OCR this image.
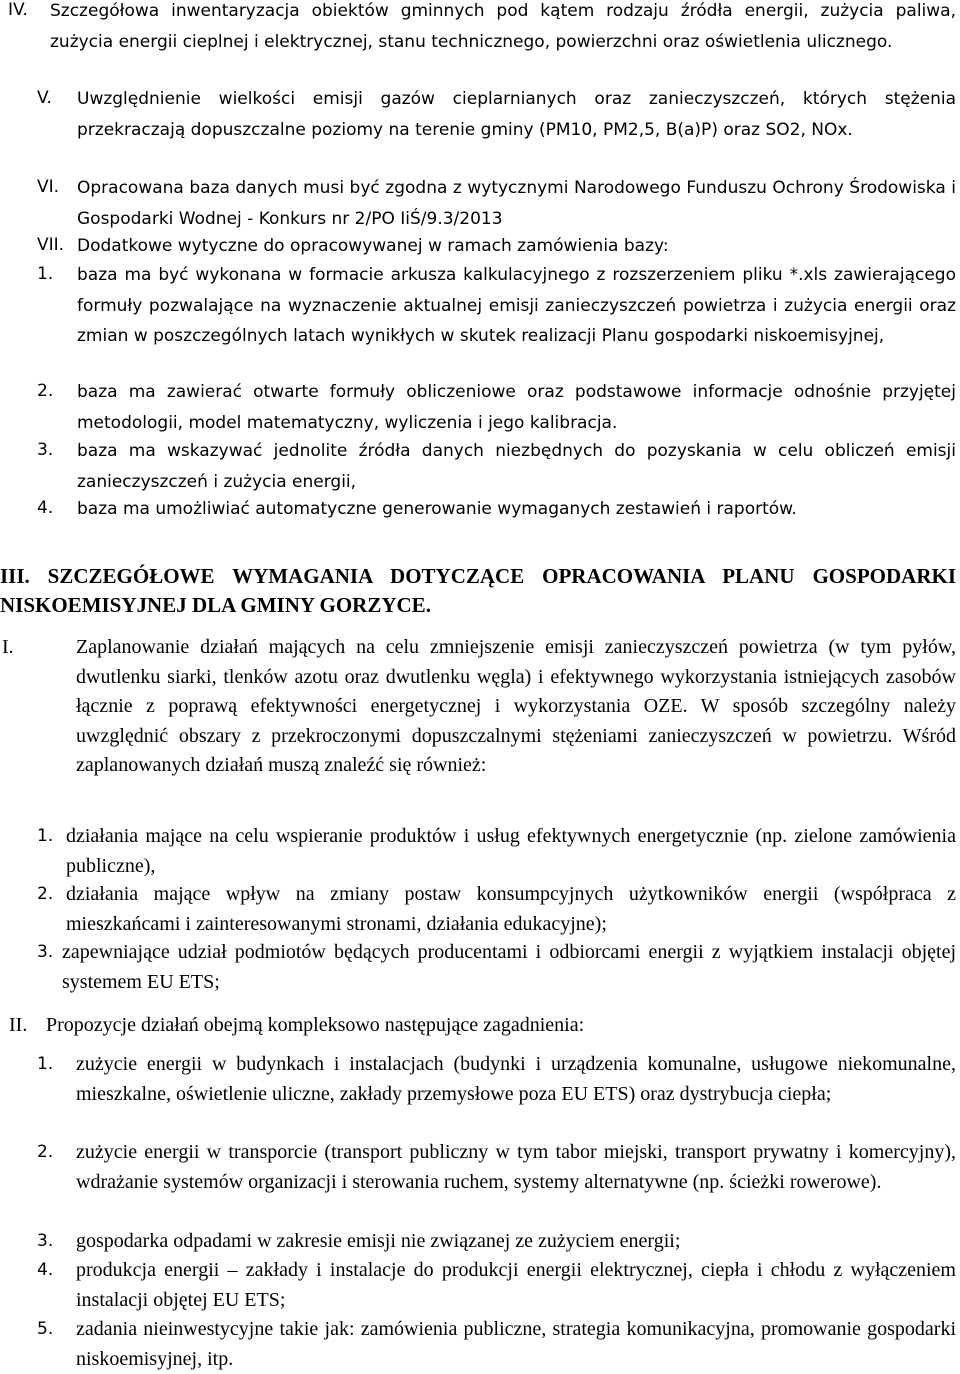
IV. Szczegółowa inwentaryzacja obiektów gminnych pod kątem rodzaju źródła energii, zużycia paliwa, zużycia energii cieplnej i elektrycznej, stanu technicznego, powierzchni oraz oświetlenia ulicznego.
V. Uwzględnienie wielkości emisji gazów cieplarnianych oraz zanieczyszczeń, których stężenia przekraczają dopuszczalne poziomy na terenie gminy (PM10, PM2,5, B(a)P) oraz SO2, NOx.
VI. Opracowana baza danych musi być zgodna z wytycznymi Narodowego Funduszu Ochrony Środowiska i Gospodarki Wodnej - Konkurs nr 2/PO IiŚ/9.3/2013
VII. Dodatkowe wytyczne do opracowywanej w ramach zamówienia bazy:
1. baza ma być wykonana w formacie arkusza kalkulacyjnego z rozszerzeniem pliku *.xls zawierającego formuły pozwalające na wyznaczenie aktualnej emisji zanieczyszczeń powietrza i zużycia energii oraz zmian w poszczególnych latach wynikłych w skutek realizacji Planu gospodarki niskoemisyjnej,
2. baza ma zawierać otwarte formuły obliczeniowe oraz podstawowe informacje odnośnie przyjętej metodologii, model matematyczny, wyliczenia i jego kalibracja.
3. baza ma wskazywać jednolite źródła danych niezbędnych do pozyskania w celu obliczeń emisji zanieczyszczeń i zużycia energii,
4. baza ma umożliwiać automatyczne generowanie wymaganych zestawień i raportów.
III. SZCZEGÓŁOWE WYMAGANIA DOTYCZĄCE OPRACOWANIA PLANU GOSPODARKI NISKOEMISYJNEJ DLA GMINY GORZYCE.
I.	Zaplanowanie działań mających na celu zmniejszenie emisji zanieczyszczeń powietrza (w tym pyłów, dwutlenku siarki, tlenków azotu oraz dwutlenku węgla) i efektywnego wykorzystania istniejących zasobów łącznie z poprawą efektywności energetycznej i wykorzystania OZE. W sposób szczególny należy uwzględnić obszary z przekroczonymi dopuszczalnymi stężeniami zanieczyszczeń w powietrzu. Wśród zaplanowanych działań muszą znaleźć się również:
1. działania mające na celu wspieranie produktów i usług efektywnych energetycznie (np. zielone zamówienia publiczne),
2. działania mające wpływ na zmiany postaw konsumpcyjnych użytkowników energii (współpraca z mieszkańcami i zainteresowanymi stronami, działania edukacyjne);
3. zapewniające udział podmiotów będących producentami i odbiorcami energii z wyjątkiem instalacji objętej systemem EU ETS;
II. Propozycje działań obejmą kompleksowo następujące zagadnienia:
1. zużycie energii w budynkach i instalacjach (budynki i urządzenia komunalne, usługowe niekomunalne, mieszkalne, oświetlenie uliczne, zakłady przemysłowe poza EU ETS) oraz dystrybucja ciepła;
2. zużycie energii w transporcie (transport publiczny w tym tabor miejski, transport prywatny i komercyjny), wdrażanie systemów organizacji i sterowania ruchem, systemy alternatywne (np. ścieżki rowerowe).
3. gospodarka odpadami w zakresie emisji nie związanej ze zużyciem energii;
4. produkcja energii – zakłady i instalacje do produkcji energii elektrycznej, ciepła i chłodu z wyłączeniem instalacji objętej EU ETS;
5. zadania nieinwestycyjne takie jak: zamówienia publiczne, strategia komunikacyjna, promowanie gospodarki niskoemisyjnej, itp.
